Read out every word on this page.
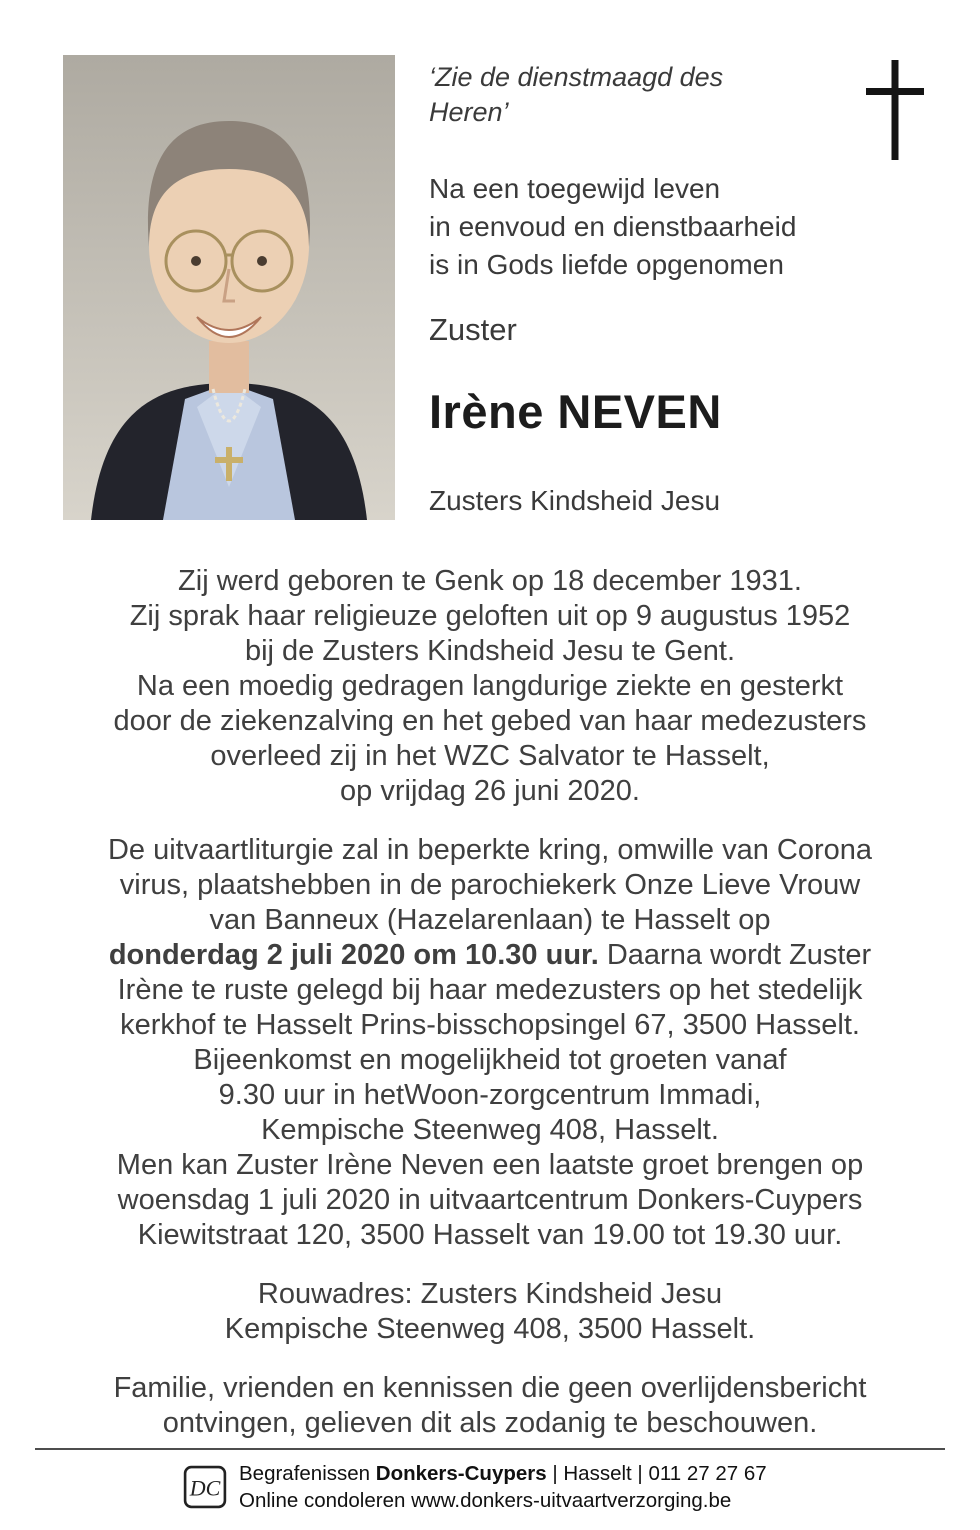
‘Zie de dienstmaagd des
Heren’
Na een toegewijd leven
in eenvoud en dienstbaarheid
is in Gods liefde opgenomen
Zuster
Irène NEVEN
Zusters Kindsheid Jesu
Zij werd geboren te Genk op 18 december 1931.
Zij sprak haar religieuze geloften uit op 9 augustus 1952
bij de Zusters Kindsheid Jesu te Gent.
Na een moedig gedragen langdurige ziekte en gesterkt
door de ziekenzalving en het gebed van haar medezusters
overleed zij in het WZC Salvator te Hasselt,
op vrijdag 26 juni 2020.
De uitvaartliturgie zal in beperkte kring, omwille van Corona
virus, plaatshebben in de parochiekerk Onze Lieve Vrouw
van Banneux (Hazelarenlaan) te Hasselt op
donderdag 2 juli 2020 om 10.30 uur. Daarna wordt Zuster
Irène te ruste gelegd bij haar medezusters op het stedelijk
kerkhof te Hasselt Prins-bisschopsingel 67, 3500 Hasselt.
Bijeenkomst en mogelijkheid tot groeten vanaf
9.30 uur in hetWoon-zorgcentrum Immadi,
Kempische Steenweg 408, Hasselt.
Men kan Zuster Irène Neven een laatste groet brengen op
woensdag 1 juli 2020 in uitvaartcentrum Donkers-Cuypers
Kiewitstraat 120, 3500 Hasselt van 19.00 tot 19.30 uur.
Rouwadres: Zusters Kindsheid Jesu
Kempische Steenweg 408, 3500 Hasselt.
Familie, vrienden en kennissen die geen overlijdensbericht
ontvingen, gelieven dit als zodanig te beschouwen.
DC
Begrafenissen Donkers-Cuypers | Hasselt | 011 27 27 67
Online condoleren www.donkers-uitvaartverzorging.be
